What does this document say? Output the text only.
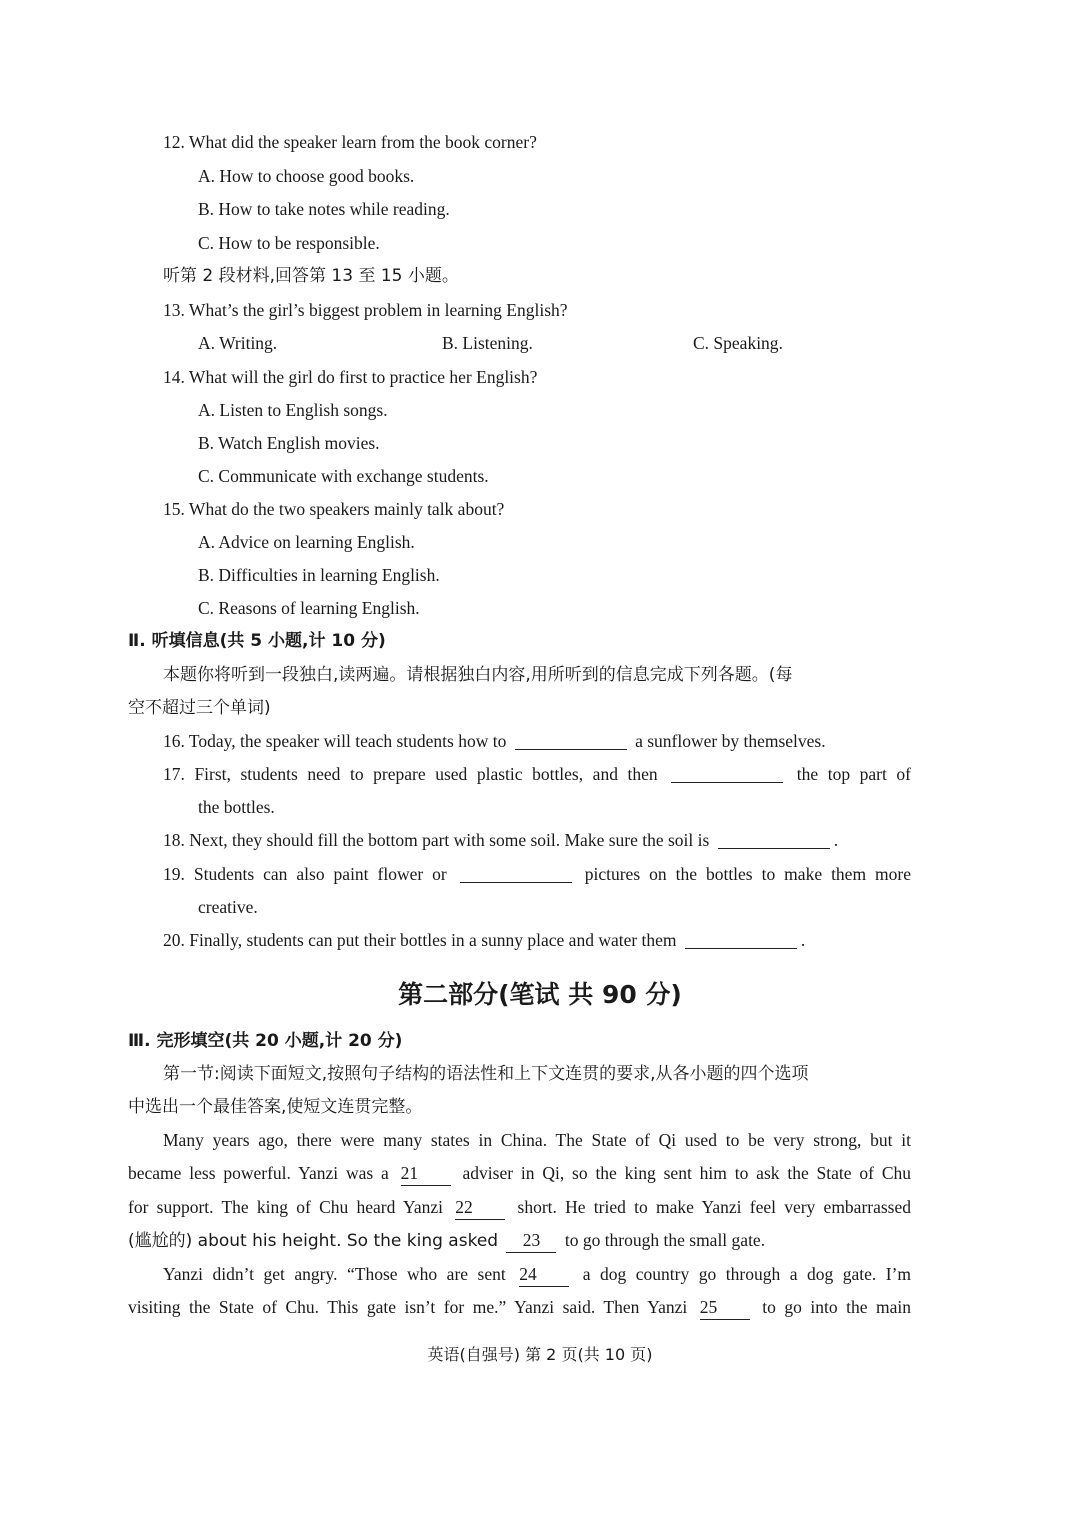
12. What did the speaker learn from the book corner?
A. How to choose good books.
B. How to take notes while reading.
C. How to be responsible.
听第 2 段材料,回答第 13 至 15 小题。
13. What’s the girl’s biggest problem in learning English?
A. Writing.	B. Listening.	C. Speaking.
14. What will the girl do first to practice her English?
A. Listen to English songs.
B. Watch English movies.
C. Communicate with exchange students.
15. What do the two speakers mainly talk about?
A. Advice on learning English.
B. Difficulties in learning English.
C. Reasons of learning English.
Ⅱ. 听填信息(共 5 小题,计 10 分)
本题你将听到一段独白,读两遍。请根据独白内容,用所听到的信息完成下列各题。(每
空不超过三个单词)
16. Today, the speaker will teach students how to	a sunflower by themselves.
17. First, students need to prepare used plastic bottles, and then	the top part of
the bottles.
18. Next, they should fill the bottom part with some soil. Make sure the soil is	.
19. Students can also paint flower or	pictures on the bottles to make them more
creative.
20. Finally, students can put their bottles in a sunny place and water them	.
第二部分(笔试 共 90 分)
Ⅲ. 完形填空(共 20 小题,计 20 分)
第一节:阅读下面短文,按照句子结构的语法性和上下文连贯的要求,从各小题的四个选项
中选出一个最佳答案,使短文连贯完整。
Many years ago, there were many states in China. The State of Qi used to be very strong, but it
became less powerful. Yanzi was a 21	adviser in Qi, so the king sent him to ask the State of Chu
for support. The king of Chu heard Yanzi 22	short. He tried to make Yanzi feel very embarrassed
(尴尬的) about his height. So the king asked 23 to go through the small gate.
Yanzi didn’t get angry. “Those who are sent 24	a dog country go through a dog gate. I’m
visiting the State of Chu. This gate isn’t for me.” Yanzi said. Then Yanzi 25	to go into the main
英语(自强号) 第 2 页(共 10 页)
